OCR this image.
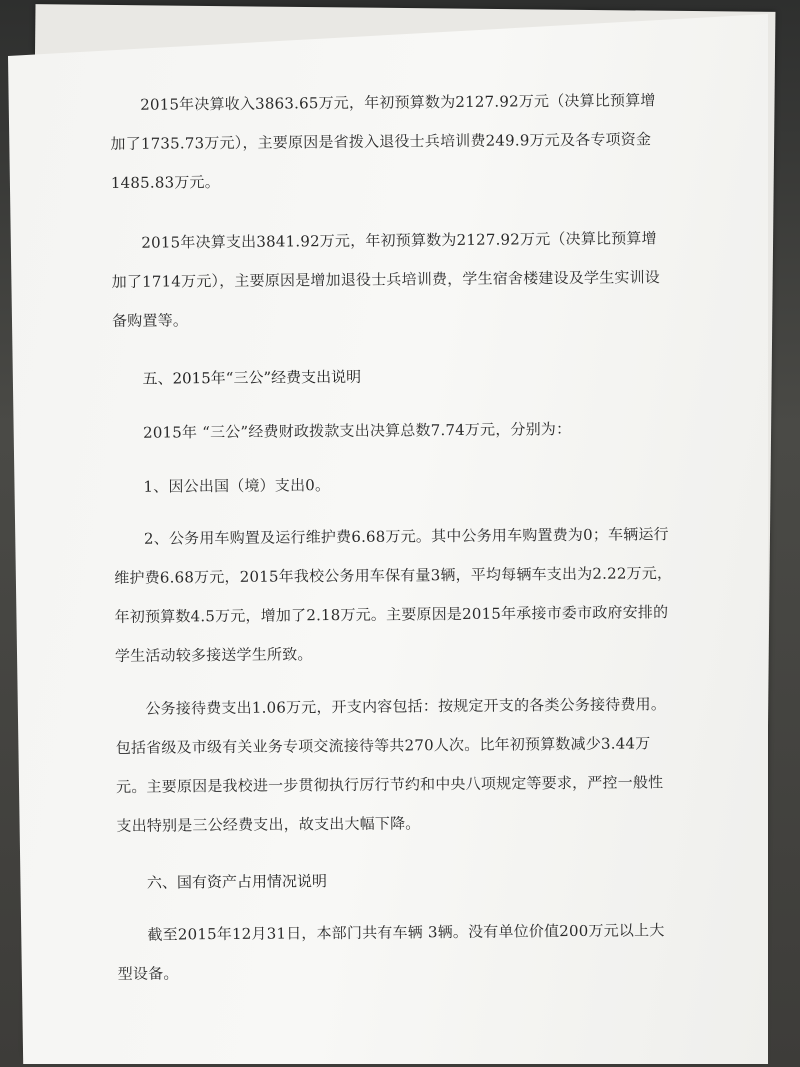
2015年决算收入3863.65万元，年初预算数为2127.92万元（决算比预算增加了1735.73万元），主要原因是省拨入退役士兵培训费249.9万元及各专项资金1485.83万元。

2015年决算支出3841.92万元，年初预算数为2127.92万元（决算比预算增加了1714万元），主要原因是增加退役士兵培训费，学生宿舍楼建设及学生实训设备购置等。

五、2015年“三公”经费支出说明

2015年 “三公”经费财政拨款支出决算总数7.74万元，分别为：

1、因公出国（境）支出0。

2、公务用车购置及运行维护费6.68万元。其中公务用车购置费为0；车辆运行维护费6.68万元，2015年我校公务用车保有量3辆，平均每辆车支出为2.22万元，年初预算数4.5万元，增加了2.18万元。主要原因是2015年承接市委市政府安排的学生活动较多接送学生所致。

公务接待费支出1.06万元，开支内容包括：按规定开支的各类公务接待费用。包括省级及市级有关业务专项交流接待等共270人次。比年初预算数减少3.44万元。主要原因是我校进一步贯彻执行厉行节约和中央八项规定等要求，严控一般性支出特别是三公经费支出，故支出大幅下降。

六、国有资产占用情况说明

截至2015年12月31日，本部门共有车辆 3辆。没有单位价值200万元以上大型设备。
